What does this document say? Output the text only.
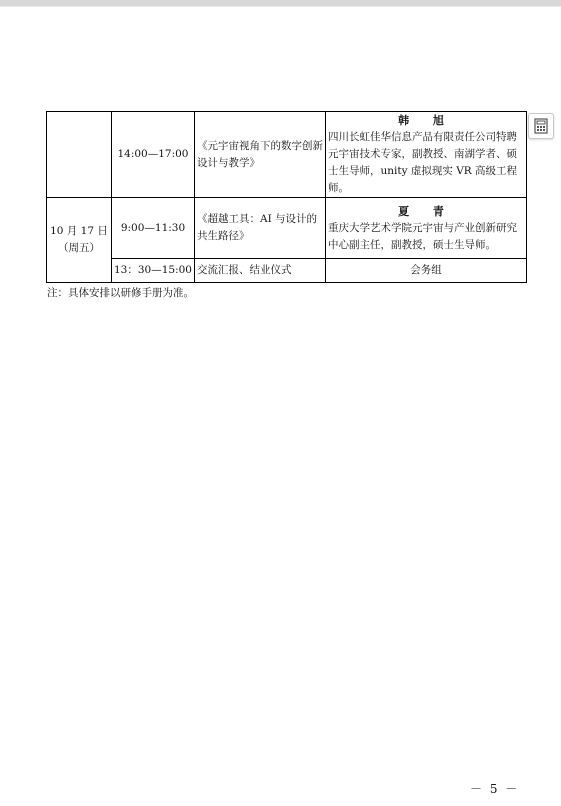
	14:00—17:00	《元宇宙视角下的数字创新设计与教学》	韩 旭
四川长虹佳华信息产品有限责任公司特聘元宇宙技术专家，副教授、南湖学者、硕士生导师，unity 虚拟现实 VR 高级工程师。

10 月 17 日（周五）	9:00—11:30	《超越工具：AI 与设计的共生路径》	夏 青
重庆大学艺术学院元宇宙与产业创新研究中心副主任，副教授，硕士生导师。

	13：30—15:00	交流汇报、结业仪式	会务组
注：具体安排以研修手册为准。
－ 5 －
